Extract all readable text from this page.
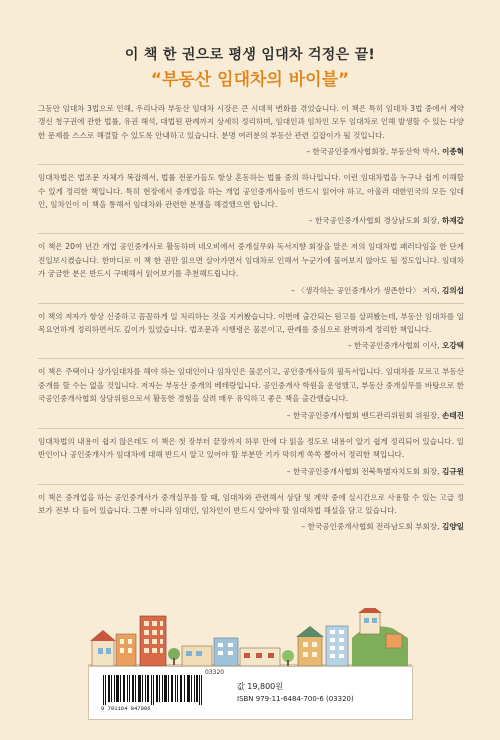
이 책 한 권으로 평생 임대차 걱정은 끝!
“부동산 임대차의 바이블”

그동안 임대차 3법으로 인해, 우리나라 부동산 임대차 시장은 큰 시대적 변화를 겪었습니다. 이 책은 특히 임대차 3법 중에서 계약갱신 청구권에 관한 법률, 유권 해석, 대법원 판례까지 상세히 정리하며, 임대인과 임차인 모두 임대차로 인해 발생할 수 있는 다양한 문제를 스스로 해결할 수 있도록 안내하고 있습니다. 분명 여러분의 부동산 관련 길잡이가 될 것입니다.

– 한국공인중개사협회장, 부동산학 박사, 이종혁

임대차법은 법조문 자체가 복잡해서, 법률 전문가들도 항상 혼동하는 법률 중의 하나입니다. 이런 임대차법을 누구나 쉽게 이해할 수 있게 정리한 책입니다. 특히 현장에서 중개업을 하는 개업 공인중개사들이 반드시 읽어야 하고, 아울러 대한민국의 모든 임대인, 임차인이 이 책을 통해서 임대차와 관련한 분쟁을 해결했으면 합니다.

– 한국공인중개사협회 경상남도회 회장, 하재갑

이 책은 20여 년간 개업 공인중개사로 활동하며 네오비에서 중개실무와 독서지향 회장을 맡은 저의 임대차법 패러다임을 한 단계 진일보시켰습니다. 한마디로 이 책 한 권만 읽으면 살아가면서 임대차로 인해서 누군가에 물어보지 않아도 될 정도입니다. 임대차가 궁금한 분은 반드시 구매해서 읽어보기를 추천해드립니다.

– 〈생각하는 공인중개사가 생존한다〉 저자, 김의섭

이 책의 저자가 항상 신중하고 꼼꼼하게 일 처리하는 것을 지켜봤습니다. 이번에 출간되는 원고를 살펴봤는데, 부동산 임대차를 일목요연하게 정리하면서도 깊이가 있었습니다. 법조문과 시행령은 물론이고, 판례를 중심으로 완벽하게 정리한 책입니다.

– 한국공인중개사협회 이사, 오강택

이 책은 주택이나 상가임대차를 해야 하는 임대인이나 임차인은 물론이고, 공인중개사들의 필독서입니다. 임대차를 모르고 부동산 중개를 할 수는 없을 것입니다. 저자는 부동산 중개의 베테랑입니다. 공인중개사 학원을 운영했고, 부동산 중개실무를 바탕으로 한국공인중개사협회 상담위원으로서 활동한 경험을 살려 매우 유익하고 좋은 책을 출간했습니다.

– 한국공인중개사협회 밴드관리위원회 위원장, 손태진

임대차법의 내용이 쉽지 않은데도 이 책은 첫 장부터 끝장까지 하루 만에 다 읽을 정도로 내용이 알기 쉽게 정리되어 있습니다. 일반인이나 공인중개사가 임대차에 대해 반드시 알고 있어야 할 부분만 기가 막히게 쏙쏙 뽑아서 정리한 책입니다.

– 한국공인중개사협회 전북특별자치도회 회장, 김규원

이 책은 중개업을 하는 공인중개사가 중개실무를 할 때, 임대차와 관련해서 상담 및 계약 중에 실시간으로 사용할 수 있는 고급 정보가 전부 다 들어 있습니다. 그뿐 아니라 임대인, 임차인이 반드시 알아야 할 임대차법 해설을 담고 있습니다.

– 한국공인중개사협회 전라남도회 부회장, 김양일
03320
9 791164 847006
값 19,800원
ISBN 979-11-6484-700-6 (03320)
